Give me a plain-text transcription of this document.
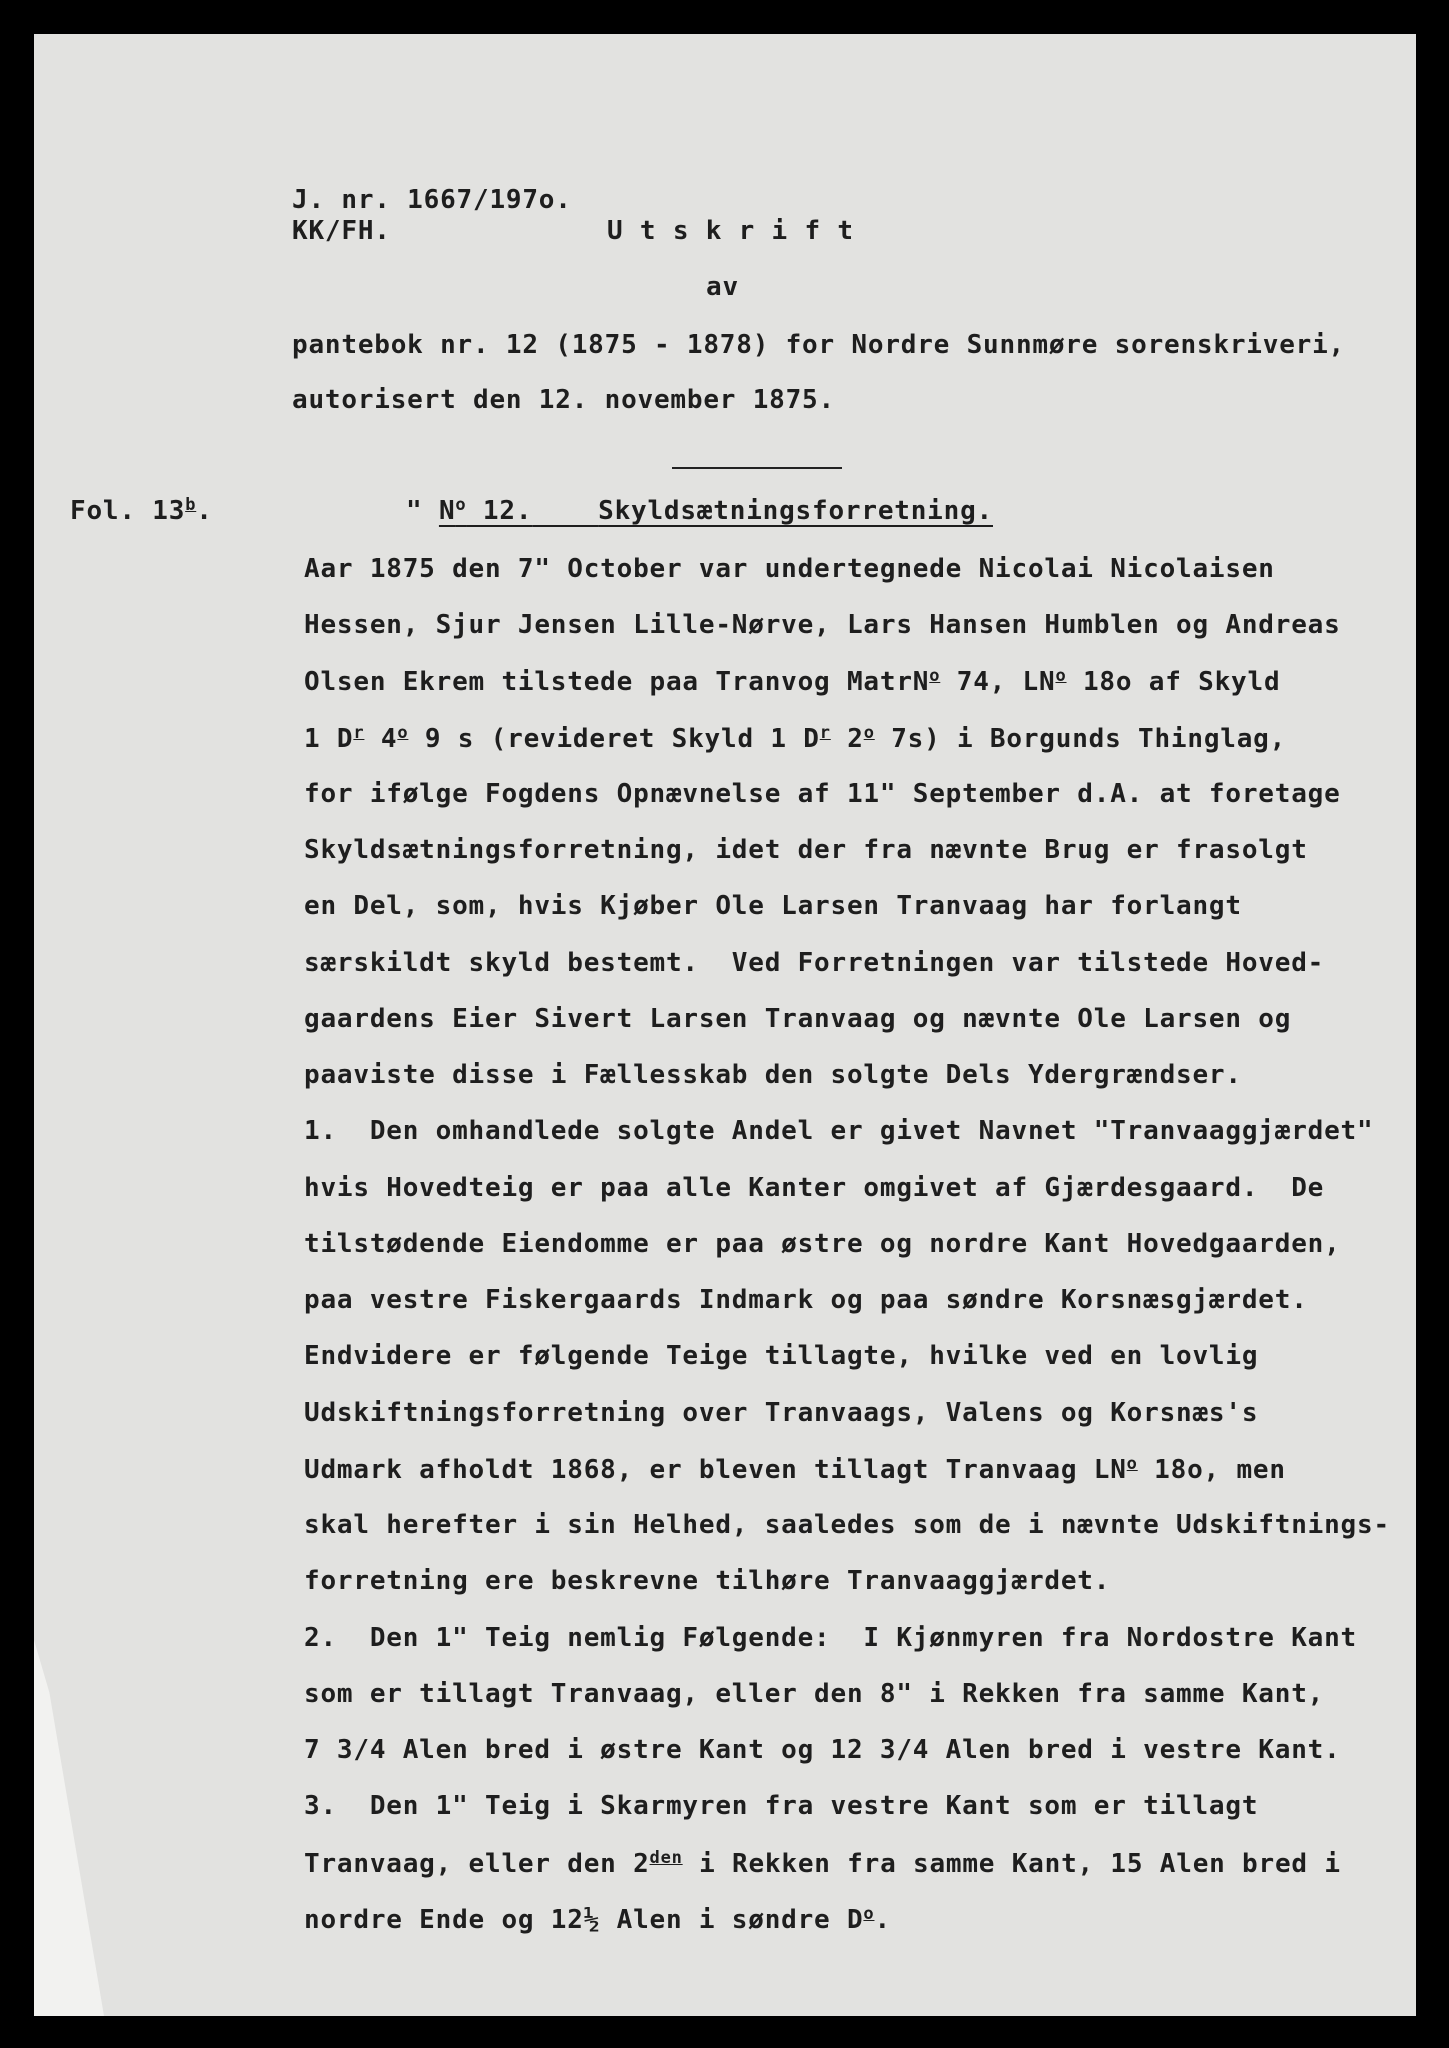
J. nr. 1667/197o.
KK/FH.	U t s k r i f t
av
pantebok nr. 12 (1875 - 1878) for Nordre Sunnmøre sorenskriveri,
autorisert den 12. november 1875.
Fol. 13$^b$.	" $N^o$ 12.	Skyldsætningsforretning.
Aar 1875 den 7" October var undertegnede Nicolai Nicolaisen
Hessen, Sjur Jensen Lille-Nørve, Lars Hansen Humblen og Andreas
Olsen Ekrem tilstede paa Tranvog MatrN$^o$ 74, $LN^o$ 18o af Skyld
1 $D^r$ 4$^o$ 9 s (revideret Skyld 1 $D^r$ 2$^o$ 7s) i Borgunds Thinglag,
for ifølge Fogdens Opnævnelse af 11" September d.A. at foretage
Skyldsætningsforretning, idet der fra nævnte Brug er frasolgt
en Del, som, hvis Kjøber Ole Larsen Tranvaag har forlangt
særskildt skyld bestemt.  Ved Forretningen var tilstede Hoved-
gaardens Eier Sivert Larsen Tranvaag og nævnte Ole Larsen og
paaviste disse i Fællesskab den solgte Dels Ydergrændser.
1.  Den omhandlede solgte Andel er givet Navnet "Tranvaaggjærdet"
hvis Hovedteig er paa alle Kanter omgivet af Gjærdesgaard.  De
tilstødende Eiendomme er paa østre og nordre Kant Hovedgaarden,
paa vestre Fiskergaards Indmark og paa søndre Korsnæsgjærdet.
Endvidere er følgende Teige tillagte, hvilke ved en lovlig
Udskiftningsforretning over Tranvaags, Valens og Korsnæs's
Udmark afholdt 1868, er bleven tillagt Tranvaag $LN^o$ 18o, men
skal herefter i sin Helhed, saaledes som de i nævnte Udskiftnings-
forretning ere beskrevne tilhøre Tranvaaggjærdet.
2.  Den 1" Teig nemlig Følgende:  I Kjønmyren fra Nordostre Kant
som er tillagt Tranvaag, eller den 8" i Rekken fra samme Kant,
7 3/4 Alen bred i østre Kant og 12 3/4 Alen bred i vestre Kant.
3.  Den 1" Teig i Skarmyren fra vestre Kant som er tillagt
Tranvaag, eller den $2^{den}$ i Rekken fra samme Kant, 15 Alen bred i
nordre Ende og 12½ Alen i søndre $D^o$.
